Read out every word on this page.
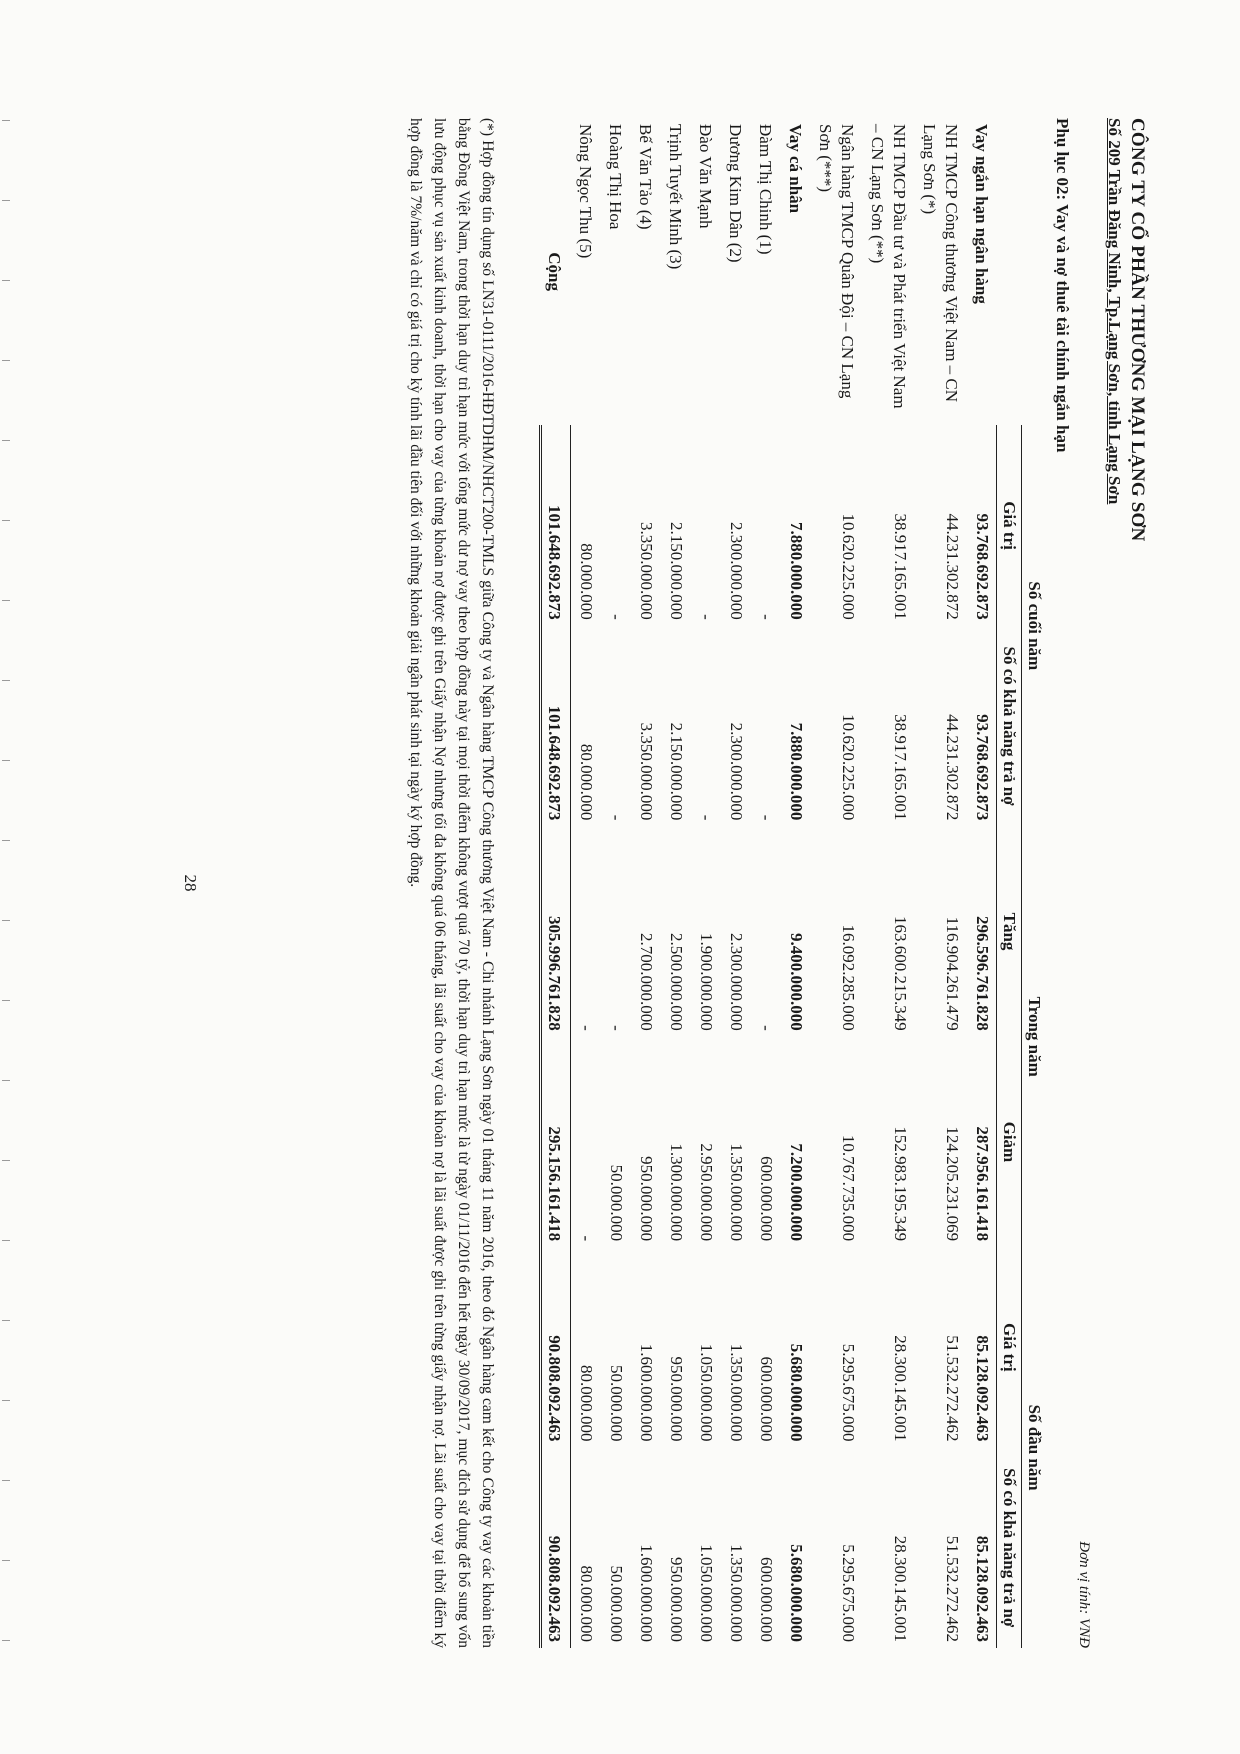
CÔNG TY CỔ PHẦN THƯƠNG MẠI LẠNG SƠN
Số 209 Trần Đăng Ninh, Tp.Lạng Sơn, tỉnh Lạng Sơn
Phụ lục 02: Vay và nợ thuê tài chính ngắn hạn
Đơn vị tính: VNĐ
	Số cuối năm		Trong năm		Số đầu năm	
	Giá trị	Số có khả năng trả nợ	Tăng	Giảm	Giá trị	Số có khả năng trả nợ
Vay ngắn hạn ngân hàng	93.768.692.873	93.768.692.873	296.596.761.828	287.956.161.418	85.128.092.463	85.128.092.463
NH TMCP Công thương Việt Nam – CN Lạng Sơn (*)	44.231.302.872	44.231.302.872	116.904.261.479	124.205.231.069	51.532.272.462	51.532.272.462
NH TMCP Đầu tư và Phát triển Việt Nam – CN Lạng Sơn (**)	38.917.165.001	38.917.165.001	163.600.215.349	152.983.195.349	28.300.145.001	28.300.145.001
Ngân hàng TMCP Quân Đội – CN Lạng Sơn (***)	10.620.225.000	10.620.225.000	16.092.285.000	10.767.735.000	5.295.675.000	5.295.675.000
Vay cá nhân	7.880.000.000	7.880.000.000	9.400.000.000	7.200.000.000	5.680.000.000	5.680.000.000
Đàm Thị Chinh (1)	-	-	-	600.000.000	600.000.000	600.000.000
Dương Kim Dân (2)	2.300.000.000	2.300.000.000	2.300.000.000	1.350.000.000	1.350.000.000	1.350.000.000
Đào Văn Mạnh	-	-	1.900.000.000	2.950.000.000	1.050.000.000	1.050.000.000
Trịnh Tuyết Minh (3)	2.150.000.000	2.150.000.000	2.500.000.000	1.300.000.000	950.000.000	950.000.000
Bế Văn Tảo (4)	3.350.000.000	3.350.000.000	2.700.000.000	950.000.000	1.600.000.000	1.600.000.000
Hoàng Thị Hoa	-	-	-	50.000.000	50.000.000	50.000.000
Nông Ngọc Thu (5)	80.000.000	80.000.000	-	-	80.000.000	80.000.000
Cộng	101.648.692.873	101.648.692.873	305.996.761.828	295.156.161.418	90.808.092.463	90.808.092.463
(*) Hợp đồng tín dụng số LN31-0111/2016-HĐTDHM/NHCT200-TMLS giữa Công ty và Ngân hàng TMCP Công thương Việt Nam - Chi nhánh Lạng Sơn ngày 01 tháng 11 năm 2016, theo đó Ngân hàng cam kết cho Công ty vay các khoản tiền bằng Đồng Việt Nam, trong thời hạn duy trì hạn mức với tổng mức dư nợ vay theo hợp đồng này tại mọi thời điểm không vượt quá 70 tỷ, thời hạn duy trì hạn mức là từ ngày 01/11/2016 đến hết ngày 30/09/2017, mục đích sử dụng để bổ sung vốn lưu động phục vụ sản xuất kinh doanh, thời hạn cho vay của từng khoản nợ được ghi trên Giấy nhận Nợ nhưng tối đa không quá 06 tháng, lãi suất cho vay của khoản nợ là lãi suất được ghi trên từng giấy nhận nợ. Lãi suất cho vay tại thời điểm ký hợp đồng là 7%/năm và chỉ có giá trị cho kỳ tính lãi đầu tiên đối với những khoản giải ngân phát sinh tại ngày ký hợp đồng.
28
